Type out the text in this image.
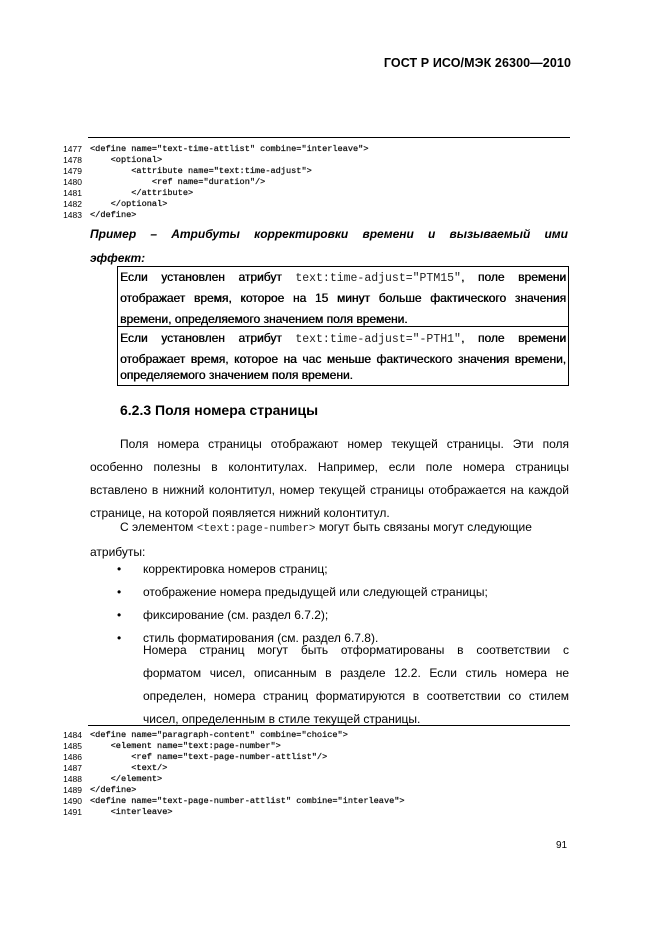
ГОСТ Р ИСО/МЭК 26300—2010
1477 <define name="text-time-attlist" combine="interleave">
1478 <optional>
1479 <attribute name="text:time-adjust">
1480 <ref name="duration"/>
1481 </attribute>
1482 </optional>
1483 </define>
Пример – Атрибуты корректировки времени и вызываемый ими
эффект:
Если установлен атрибут text:time-adjust="PTM15", поле времени
отображает время, которое на 15 минут больше фактического значения
времени, определяемого значением поля времени.
Если установлен атрибут text:time-adjust="-PTH1", поле времени
отображает время, которое на час меньше фактического значения времени,
определяемого значением поля времени.
6.2.3 Поля номера страницы
Поля номера страницы отображают номер текущей страницы. Эти поля
особенно полезны в колонтитулах. Например, если поле номера страницы
вставлено в нижний колонтитул, номер текущей страницы отображается на каждой
странице, на которой появляется нижний колонтитул.
С элементом <text:page-number> могут быть связаны могут следующие
атрибуты:
• корректировка номеров страниц;
• отображение номера предыдущей или следующей страницы;
• фиксирование (см. раздел 6.7.2);
• стиль форматирования (см. раздел 6.7.8).
Номера страниц могут быть отформатированы в соответствии с
форматом чисел, описанным в разделе 12.2. Если стиль номера не
определен, номера страниц форматируются в соответствии со стилем
чисел, определенным в стиле текущей страницы.
1484 <define name="paragraph-content" combine="choice">
1485 <element name="text:page-number">
1486 <ref name="text-page-number-attlist"/>
1487 <text/>
1488 </element>
1489 </define>
1490 <define name="text-page-number-attlist" combine="interleave">
1491 <interleave>
91
